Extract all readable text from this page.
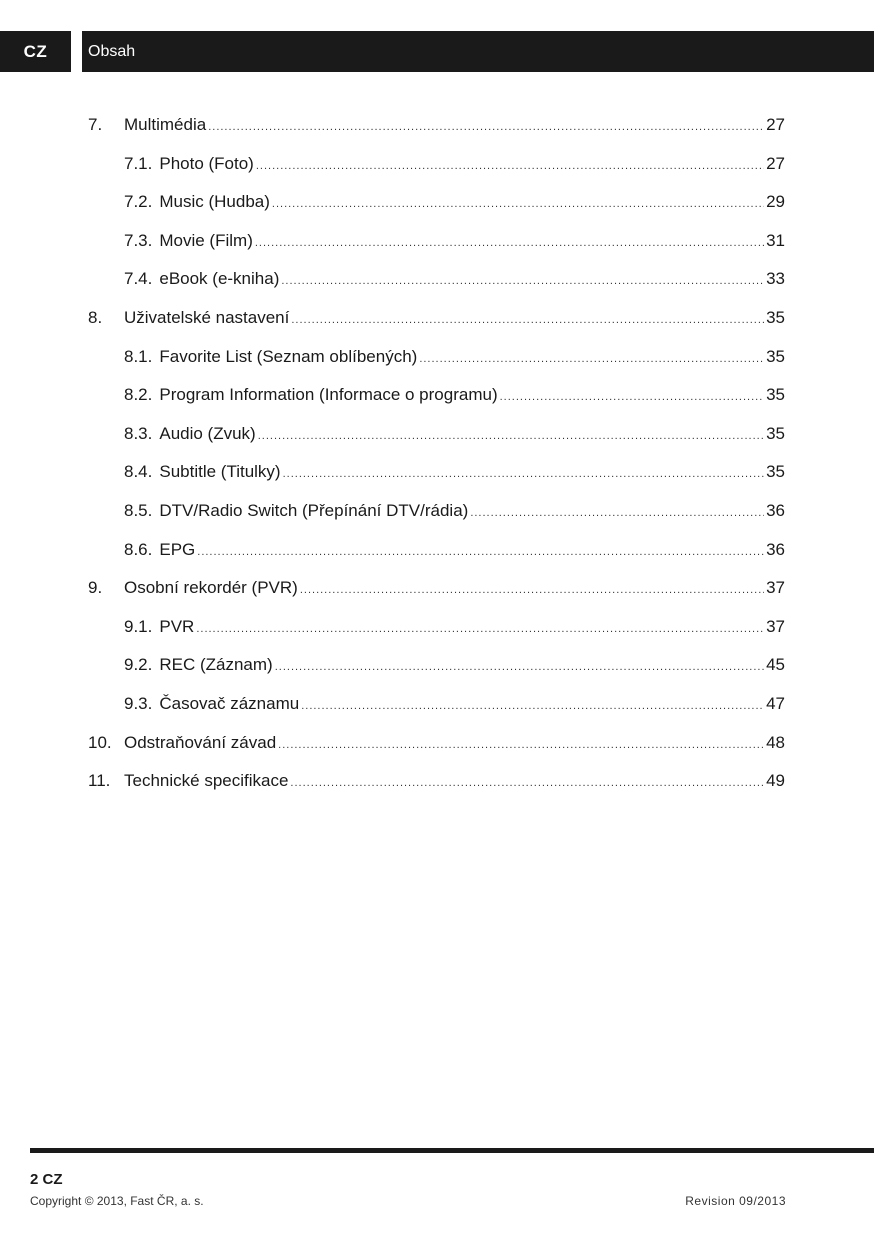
CZ	Obsah
7. Multimédia .....	27
7.1. Photo (Foto) .....	27
7.2. Music (Hudba) .....	29
7.3. Movie (Film) .....	31
7.4. eBook (e-kniha) .....	33
8. Uživatelské nastavení .....	35
8.1. Favorite List (Seznam oblíbených) .....	35
8.2. Program Information (Informace o programu) .....	35
8.3. Audio (Zvuk) .....	35
8.4. Subtitle (Titulky) .....	35
8.5. DTV/Radio Switch (Přepínání DTV/rádia) .....	36
8.6. EPG .....	36
9. Osobní rekordér (PVR) .....	37
9.1. PVR .....	37
9.2. REC (Záznam) .....	45
9.3. Časovač záznamu .....	47
10. Odstraňování závad .....	48
11. Technické specifikace .....	49
2 CZ
Copyright © 2013, Fast ČR, a. s.	Revision 09/2013
